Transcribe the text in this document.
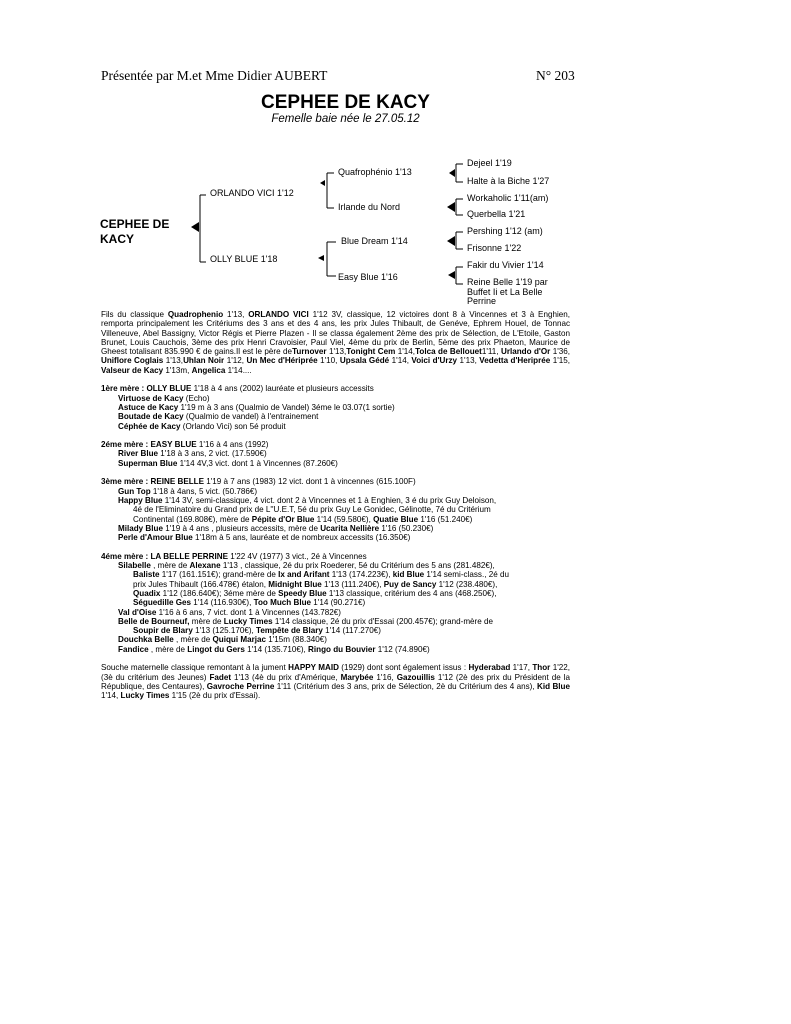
Présentée par M.et Mme Didier AUBERT	N° 203
CEPHEE DE KACY
Femelle baie née le 27.05.12
CEPHEE DE KACY
ORLANDO VICI 1'12
OLLY BLUE 1'18
Quafrophénio 1'13
Irlande du Nord
Blue Dream 1'14
Easy Blue 1'16
Dejeel 1'19
Halte à la Biche 1'27
Workaholic 1'11(am)
Querbella 1'21
Pershing 1'12 (am)
Frisonne 1'22
Fakir du Vivier 1'14
Reine Belle 1'19 par Buffet Ii et La Belle Perrine

Fils du classique Quadrophenio 1'13, ORLANDO VICI 1'12 3V, classique, 12 victoires dont 8 à Vincennes et 3 à Enghien, remporta principalement les Critériums des 3 ans et des 4 ans, les prix Jules Thibault, de Genéve, Ephrem Houel, de Tonnac Villeneuve, Abel Bassigny, Victor Régis et Pierre Plazen - Il se classa également 2ème des prix de Sélection, de L'Etoile, Gaston Brunet, Louis Cauchois, 3ème des prix Henri Cravoisier, Paul Viel, 4ème du prix de Berlin, 5ème des prix Phaeton, Maurice de Gheest totalisant 835.990 € de gains.Il est le père deTurnover 1'13,Tonight Cem 1'14,Tolca de Bellouet1'11, Urlando d'Or 1'36, Uniflore Coglais 1'13,Uhlan Noir 1'12, Un Mec d'Hériprée 1'10, Upsala Gédé 1'14, Voici d'Urzy 1'13, Vedetta d'Heriprée 1'15, Valseur de Kacy 1'13m, Angelica 1'14....

1ère mère : OLLY BLUE 1'18 à 4 ans (2002) lauréate et plusieurs accessits

Virtuose de Kacy (Echo)

Astuce de Kacy 1'19 m à 3 ans (Qualmio de Vandel) 3éme le 03.07(1 sortie)

Boutade de Kacy (Qualmio de vandel) à l'entrainement

Céphée de Kacy (Orlando Vici) son 5é produit

2éme mère : EASY BLUE 1'16 à 4 ans (1992)

River Blue 1'18 à 3 ans, 2 vict. (17.590€)

Superman Blue 1'14 4V,3 vict. dont 1 à Vincennes (87.260€)

3ème mère : REINE BELLE 1'19 à 7 ans (1983) 12 vict. dont 1 à vincennes (615.100F)

Gun Top 1'18 à 4ans, 5 vict. (50.786€)

Happy Blue 1'14 3V, semi-classique, 4 vict. dont 2 à Vincennes et 1 à Enghien, 3 é du prix Guy Deloison,

4é de l'Eliminatoire du Grand prix de L''U.E.T, 5é du prix Guy Le Gonidec, Gélinotte, 7é du Critérium

Continental (169.808€), mère de Pépite d'Or Blue 1'14 (59.580€), Quatie Blue 1'16 (51.240€)

Milady Blue 1'19 à 4 ans , plusieurs accessits, mère de Ucarita Nellière 1'16 (50.230€)

Perle d'Amour Blue 1'18m à 5 ans, lauréate et de nombreux accessits (16.350€)

4éme mère : LA BELLE PERRINE 1'22 4V (1977) 3 vict., 2é à Vincennes

Silabelle , mère de Alexane 1'13 , classique, 2é du prix Roederer, 5é du Critérium des 5 ans (281.482€),

Baliste 1'17 (161.151€); grand-mère de Ix and Arifant 1'13 (174.223€), kid Blue 1'14 semi-class., 2é du

prix Jules Thibault (166.478€) étalon, Midnight Blue 1'13 (111.240€), Puy de Sancy 1'12 (238.480€),

Quadix 1'12 (186.640€); 3éme mère de Speedy Blue 1'13 classique, critérium des 4 ans (468.250€),

Séguedille Ges 1'14 (116.930€), Too Much Blue 1'14 (90.271€)

Val d'Oise 1'16 à 6 ans, 7 vict. dont 1 à Vincennes (143.782€)

Belle de Bourneuf, mère de Lucky Times 1'14 classique, 2é du prix d'Essai (200.457€); grand-mère de

Soupir de Blary 1'13 (125.170€), Tempête de Blary 1'14 (117.270€)

Douchka Belle , mère de Quiqui Marjac 1'15m (88.340€)

Fandice , mère de Lingot du Gers 1'14 (135.710€), Ringo du Bouvier 1'12 (74.890€)

Souche maternelle classique remontant à la jument HAPPY MAID (1929) dont sont également issus : Hyderabad 1'17, Thor 1'22, (3è du critérium des Jeunes) Fadet 1'13 (4è du prix d'Amérique, Marybée 1'16, Gazouillis 1'12 (2è des prix du Président de la République, des Centaures), Gavroche Perrine 1'11 (Critérium des 3 ans, prix de Sélection, 2è du Critérium des 4 ans), Kid Blue 1'14, Lucky Times 1'15 (2è du prix d'Essai).
